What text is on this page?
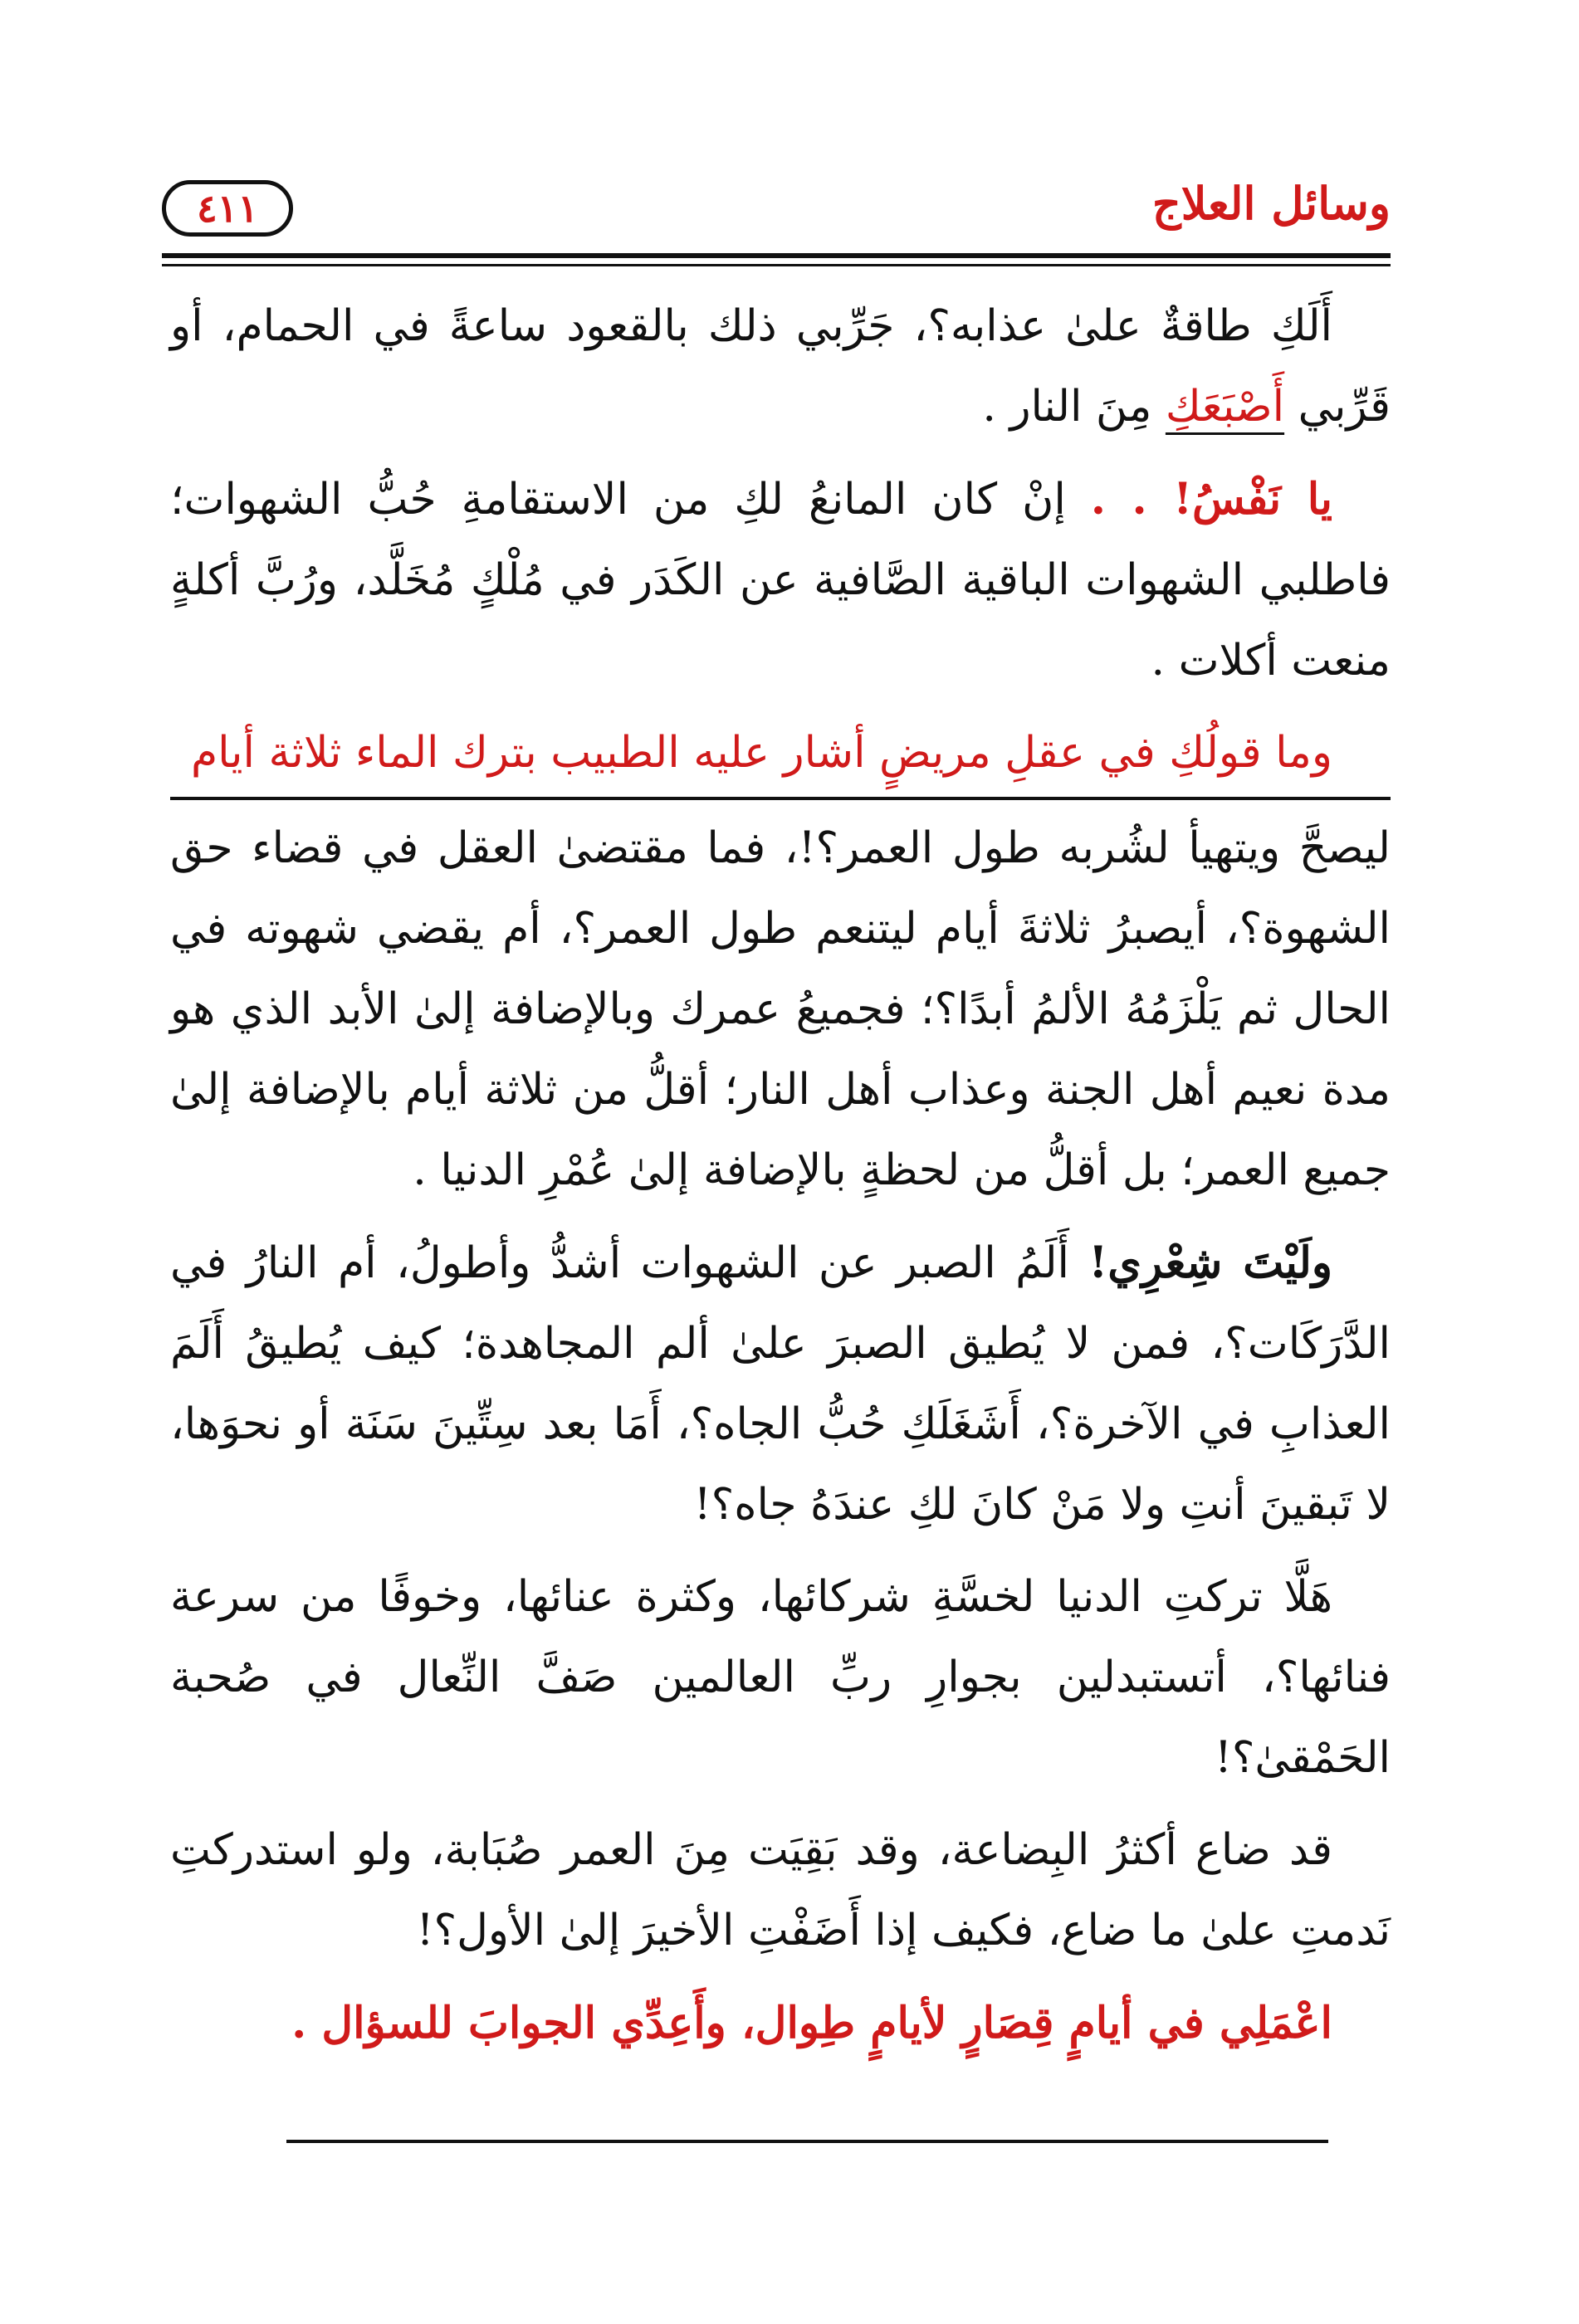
وسائل العلاج
٤١١

أَلَكِ طاقةٌ علىٰ عذابه؟، جَرِّبي ذلك بالقعود ساعةً في الحمام، أو قَرِّبي أَصْبَعَكِ مِنَ النار .

يا نَفْسُ! . . إنْ كان المانعُ لكِ من الاستقامةِ حُبُّ الشهوات؛ فاطلبي الشهوات الباقية الصَّافية عن الكَدَر في مُلْكٍ مُخَلَّد، ورُبَّ أكلةٍ منعت أكلات .

وما قولُكِ في عقلِ مريضٍ أشار عليه الطبيب بترك الماء ثلاثة أيام

ليصحَّ ويتهيأ لشُربه طول العمر؟!، فما مقتضىٰ العقل في قضاء حق الشهوة؟، أيصبرُ ثلاثةَ أيام ليتنعم طول العمر؟، أم يقضي شهوته في الحال ثم يَلْزَمُهُ الألمُ أبدًا؟؛ فجميعُ عمرك وبالإضافة إلىٰ الأبد الذي هو مدة نعيم أهل الجنة وعذاب أهل النار؛ أقلُّ من ثلاثة أيام بالإضافة إلىٰ جميع العمر؛ بل أقلُّ من لحظةٍ بالإضافة إلىٰ عُمْرِ الدنيا .

ولَيْتَ شِعْرِي! أَلَمُ الصبر عن الشهوات أشدُّ وأطولُ، أم النارُ في الدَّرَكَات؟، فمن لا يُطيق الصبرَ علىٰ ألم المجاهدة؛ كيف يُطيقُ أَلَمَ العذابِ في الآخرة؟، أَشَغَلَكِ حُبُّ الجاه؟، أَمَا بعد سِتِّينَ سَنَة أو نحوَها، لا تَبقينَ أنتِ ولا مَنْ كانَ لكِ عندَهُ جاه؟!

هَلَّا تركتِ الدنيا لخسَّةِ شركائها، وكثرة عنائها، وخوفًا من سرعة فنائها؟، أتستبدلين بجوارِ ربِّ العالمين صَفَّ النِّعال في صُحبة الحَمْقىٰ؟!

قد ضاع أكثرُ البِضاعة، وقد بَقِيَت مِنَ العمر صُبَابة، ولو استدركتِ نَدمتِ علىٰ ما ضاع، فكيف إذا أَضَفْتِ الأخيرَ إلىٰ الأول؟!

اعْمَلِي في أيامٍ قِصَارٍ لأيامٍ طِوال، وأَعِدِّي الجوابَ للسؤال .
